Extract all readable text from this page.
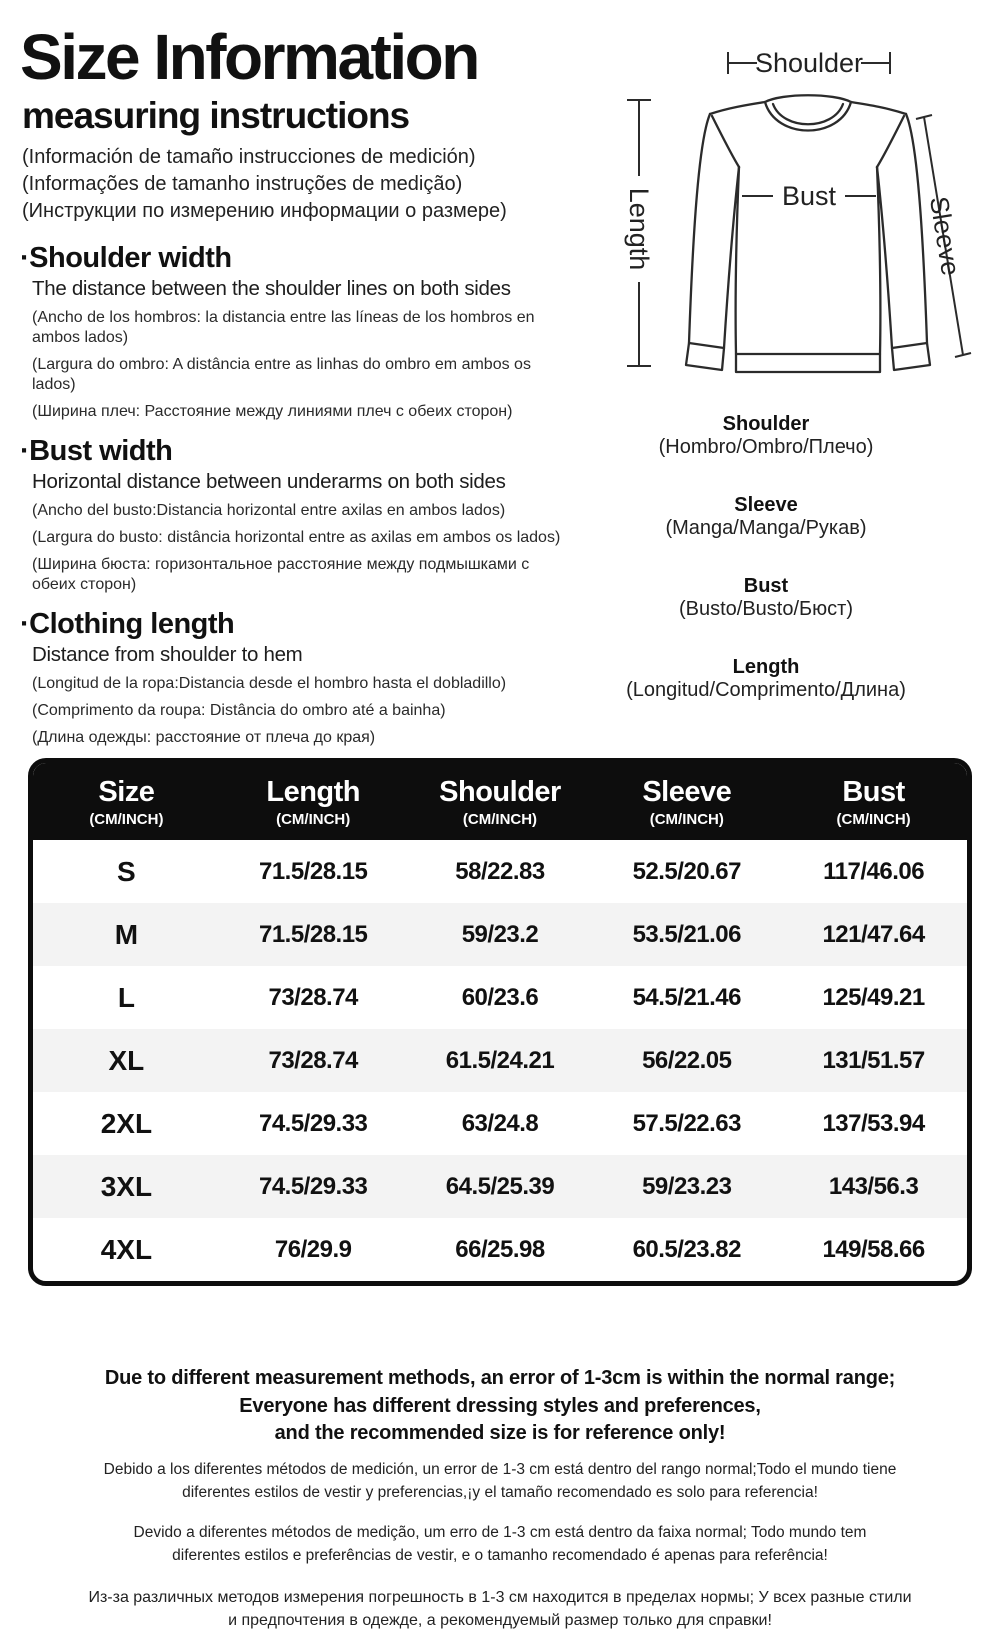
Size Information
measuring instructions

(Información de tamaño instrucciones de medición)

(Informações de tamanho instruções de medição)

(Инструкции по измерению информации о размере)

·Shoulder width

The distance between the shoulder lines on both sides

(Ancho de los hombros: la distancia entre las líneas de los hombros en ambos lados)

(Largura do ombro: A distância entre as linhas do ombro em ambos os lados)

(Ширина плеч: Расстояние между линиями плеч с обеих сторон)

·Bust width

Horizontal distance between underarms on both sides

(Ancho del busto:Distancia horizontal entre axilas en ambos lados)

(Largura do busto: distância horizontal entre as axilas em ambos os lados)

(Ширина бюста: горизонтальное расстояние между подмышками с обеих сторон)

·Clothing length

Distance from shoulder to hem

(Longitud de la ropa:Distancia desde el hombro hasta el dobladillo)

(Comprimento da roupa: Distância do ombro até a bainha)

(Длина одежды: расстояние от плеча до края)

Shoulder
Bust
Length	Sleeve
Shoulder
(Hombro/Ombro/Плечо)
Sleeve
(Manga/Manga/Рукав)
Bust
(Busto/Busto/Бюст)
Length
(Longitud/Comprimento/Длина)
Size
(CM/INCH)

Length
(CM/INCH)

Shoulder
(CM/INCH)

Sleeve
(CM/INCH)

Bust
(CM/INCH)

S	71.5/28.15	58/22.83	52.5/20.67	117/46.06
M	71.5/28.15	59/23.2	53.5/21.06	121/47.64
L	73/28.74	60/23.6	54.5/21.46	125/49.21
XL	73/28.74	61.5/24.21	56/22.05	131/51.57
2XL	74.5/29.33	63/24.8	57.5/22.63	137/53.94
3XL	74.5/29.33	64.5/25.39	59/23.23	143/56.3
4XL	76/29.9	66/25.98	60.5/23.82	149/58.66
Due to different measurement methods, an error of 1-3cm is within the normal range;
Everyone has different dressing styles and preferences,
and the recommended size is for reference only!
Debido a los diferentes métodos de medición, un error de 1-3 cm está dentro del rango normal;Todo el mundo tiene
diferentes estilos de vestir y preferencias,¡y el tamaño recomendado es solo para referencia!
Devido a diferentes métodos de medição, um erro de 1-3 cm está dentro da faixa normal; Todo mundo tem
diferentes estilos e preferências de vestir, e o tamanho recomendado é apenas para referência!
Из-за различных методов измерения погрешность в 1-3 см находится в пределах нормы; У всех разные стили
и предпочтения в одежде, а рекомендуемый размер только для справки!
